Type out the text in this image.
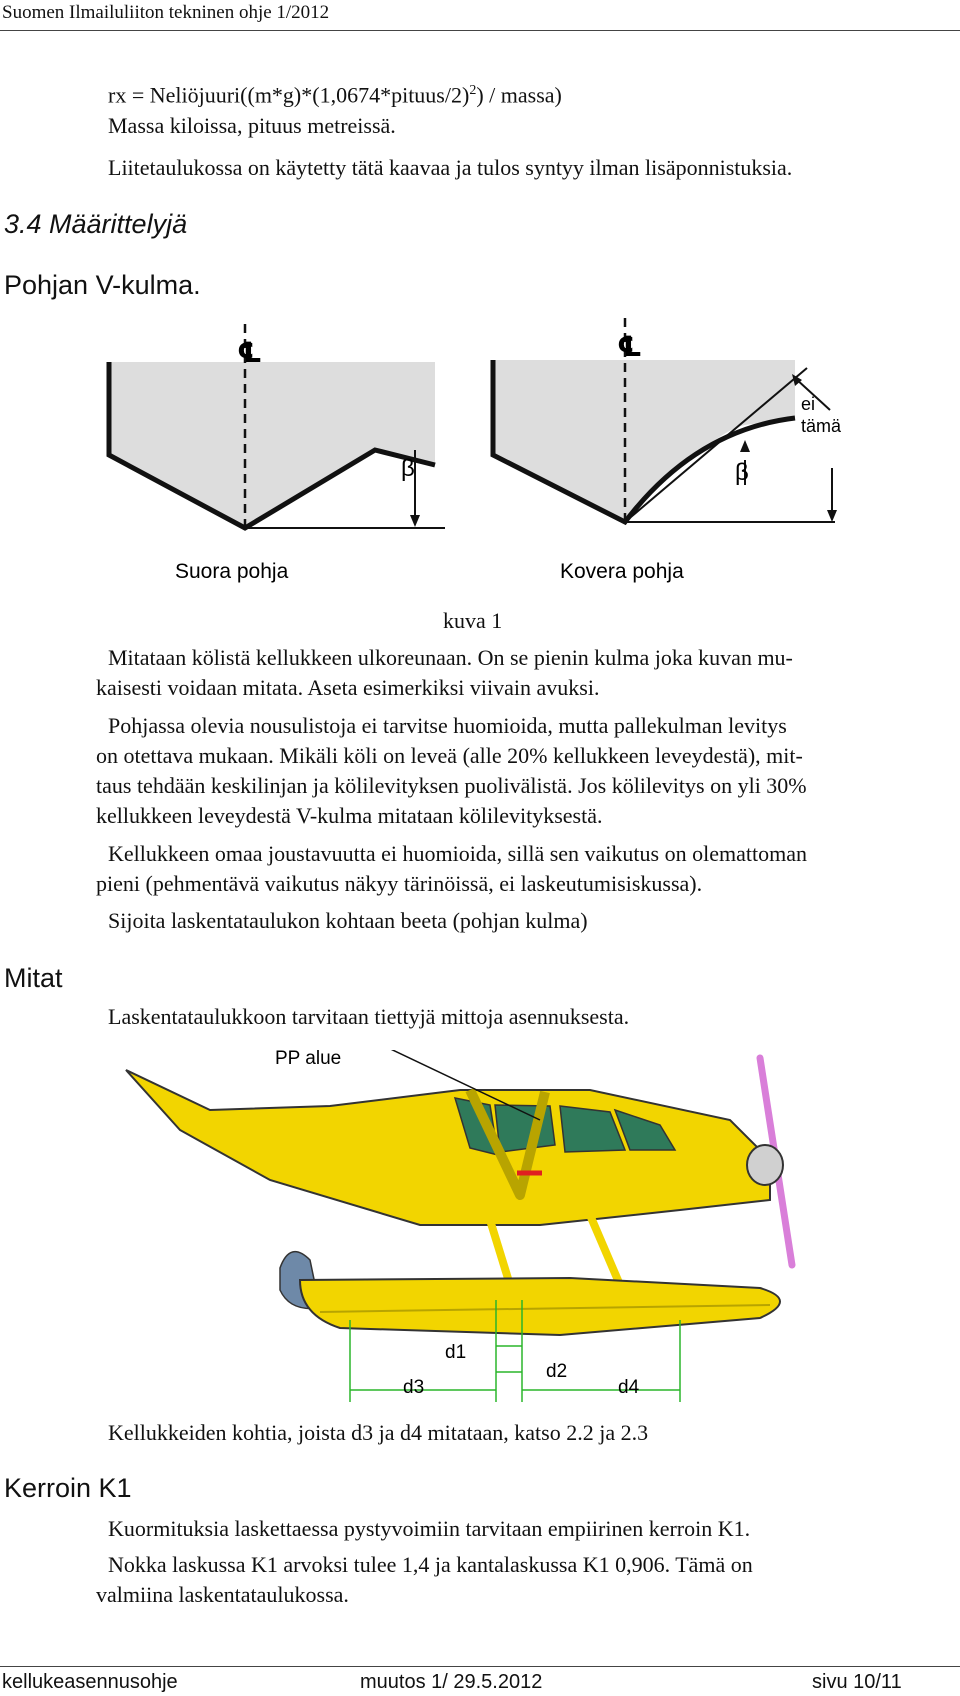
Suomen Ilmailuliiton tekninen ohje 1/2012
rx = Neliöjuuri((m*g)*(1,0674*pituus/2)$^2$) / massa)
Massa kiloissa, pituus metreissä.
Liitetaulukossa on käytetty tätä kaavaa ja tulos syntyy ilman lisäponnistuksia.
3.4 Määrittelyjä
Pohjan V-kulma.
℄
β
℄
β
ei
tämä
Suora pohja	Kovera pohja
kuva 1
Mitataan kölistä kellukkeen ulkoreunaan. On se pienin kulma joka kuvan mu-
kaisesti voidaan mitata. Aseta esimerkiksi viivain avuksi.
Pohjassa olevia nousulistoja ei tarvitse huomioida, mutta pallekulman levitys
on otettava mukaan. Mikäli köli on leveä (alle 20% kellukkeen leveydestä), mit-
taus tehdään keskilinjan ja kölilevityksen puolivälistä. Jos kölilevitys on yli 30%
kellukkeen leveydestä V-kulma mitataan kölilevityksestä.
Kellukkeen omaa joustavuutta ei huomioida, sillä sen vaikutus on olemattoman
pieni (pehmentävä vaikutus näkyy tärinöissä, ei laskeutumisiskussa).
Sijoita laskentataulukon kohtaan beeta (pohjan kulma)
Mitat
Laskentataulukkoon tarvitaan tiettyjä mittoja asennuksesta.
PP alue
d1
d2
d3	d4
Kellukkeiden kohtia, joista d3 ja d4 mitataan, katso 2.2 ja 2.3
Kerroin K1
Kuormituksia laskettaessa pystyvoimiin tarvitaan empiirinen kerroin K1.
Nokka laskussa K1 arvoksi tulee 1,4 ja kantalaskussa K1 0,906. Tämä on
valmiina laskentataulukossa.
kellukeasennusohje	muutos 1/ 29.5.2012	sivu 10/11
